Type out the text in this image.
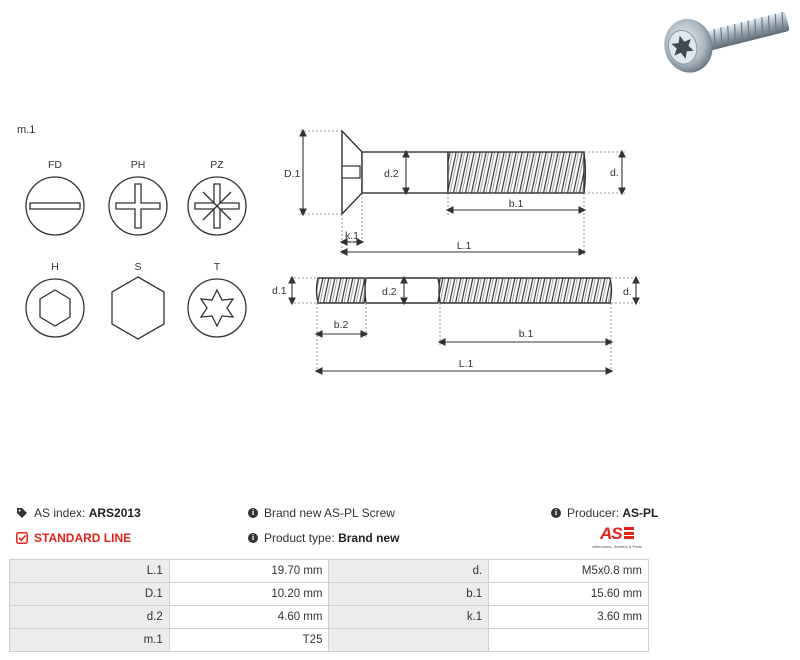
m.1
FD	PH	PZ
H	S	T
D.1	d.2	d.
b.1
k.1
L.1
d.1	d.2	d.
b.2
b.1
L.1
AS index:
ARS2013
STANDARD LINE
i Brand new AS-PL Screw
i Product type:
Brand new
i Producer:
AS-PL
AS
Alternators, Starters & Parts
L.1	19.70 mm	d.	M5x0.8 mm
D.1	10.20 mm	b.1	15.60 mm
d.2	4.60 mm	k.1	3.60 mm
m.1	T25		
